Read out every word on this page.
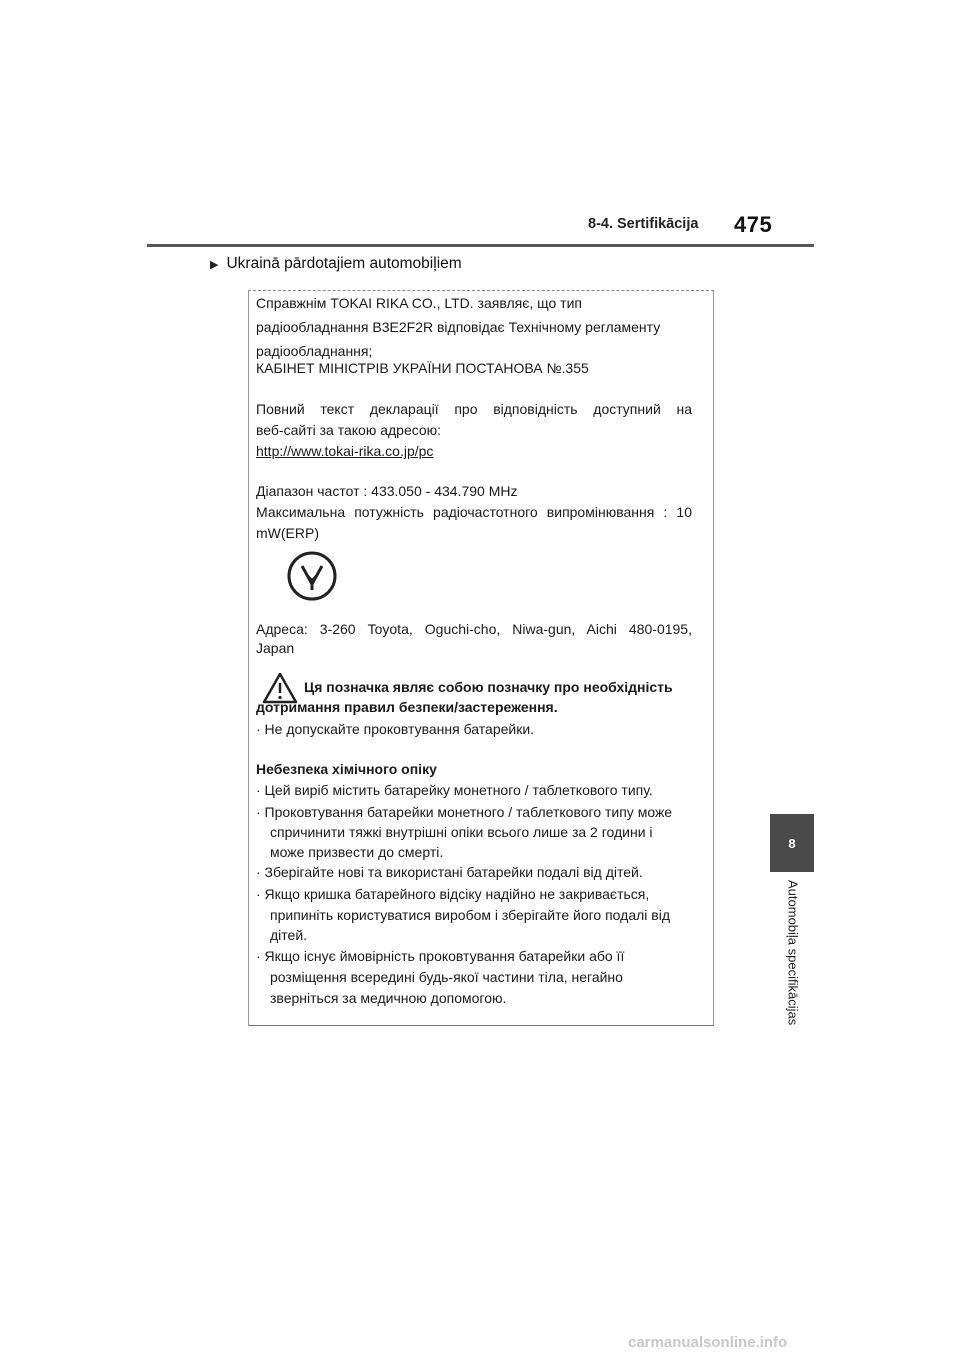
8-4. Sertifikācija 475
▶ Ukrainā pārdotajiem automobiļiem
Справжнім TOKAI RIKA CO., LTD. заявляє, що тип
радіообладнання B3E2F2R відповідає Технічному регламенту
радіообладнання;
КАБІНЕТ МІНІСТРІВ УКРАЇНИ ПОСТАНОВА №.355
Повний текст декларації про відповідність доступний на
веб-сайті за такою адресою:
http://www.tokai-rika.co.jp/pc
Діапазон частот : 433.050 - 434.790 MHz
Максимальна потужність радіочастотного випромінювання : 10
mW(ERP)
Адреса: 3-260 Toyota, Oguchi-cho, Niwa-gun, Aichi 480-0195,
Japan
Ця позначка являє собою позначку про необхідність
дотримання правил безпеки/застереження.
· Не допускайте проковтування батарейки.
Небезпека хімічного опіку
· Цей виріб містить батарейку монетного / таблеткового типу.
· Проковтування батарейки монетного / таблеткового типу може
спричинити тяжкі внутрішні опіки всього лише за 2 години і
може призвести до смерті.
· Зберігайте нові та використані батарейки подалі від дітей.
· Якщо кришка батарейного відсіку надійно не закривається,
припиніть користуватися виробом і зберігайте його подалі від
дітей.
· Якщо існує ймовірність проковтування батарейки або її
розміщення всередині будь-якої частини тіла, негайно
зверніться за медичною допомогою.
8
Automobiļa specifikācijas
carmanualsonline.info
